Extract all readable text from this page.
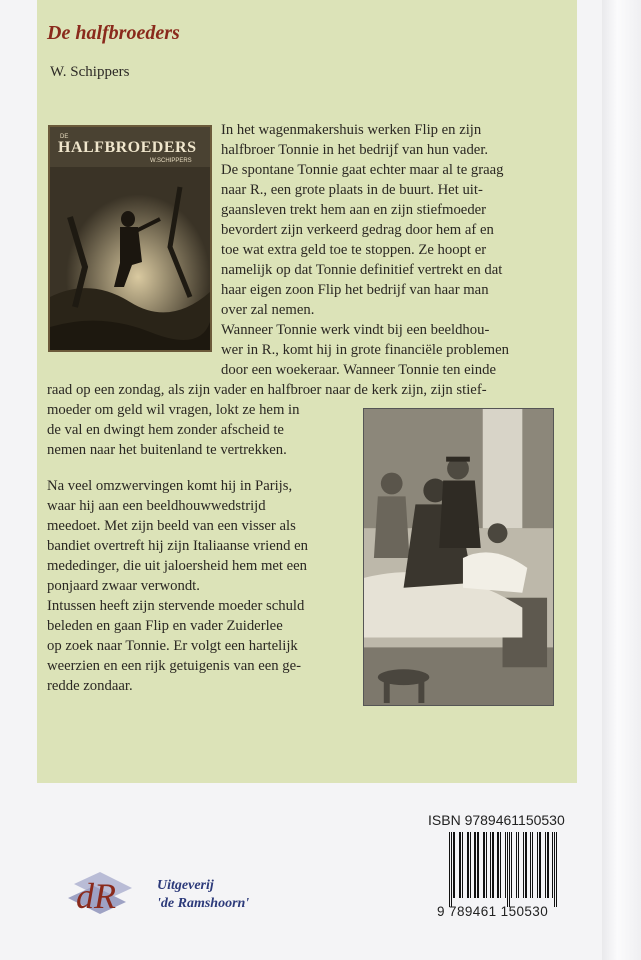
De halfbroeders
W. Schippers
DE
HALFBROEDERS
W.SCHIPPERS
In het wagenmakershuis werken Flip en zijn
halfbroer Tonnie in het bedrijf van hun vader.
De spontane Tonnie gaat echter maar al te graag
naar R., een grote plaats in de buurt. Het uit-
gaansleven trekt hem aan en zijn stiefmoeder
bevordert zijn verkeerd gedrag door hem af en
toe wat extra geld toe te stoppen. Ze hoopt er
namelijk op dat Tonnie definitief vertrekt en dat
haar eigen zoon Flip het bedrijf van haar man
over zal nemen.
Wanneer Tonnie werk vindt bij een beeldhou-
wer in R., komt hij in grote financiële problemen
door een woekeraar. Wanneer Tonnie ten einde
raad op een zondag, als zijn vader en halfbroer naar de kerk zijn, zijn stief-
moeder om geld wil vragen, lokt ze hem in
de val en dwingt hem zonder afscheid te
nemen naar het buitenland te vertrekken.
Na veel omzwervingen komt hij in Parijs,
waar hij aan een beeldhouwwedstrijd
meedoet. Met zijn beeld van een visser als
bandiet overtreft hij zijn Italiaanse vriend en
mededinger, die uit jaloersheid hem met een
ponjaard zwaar verwondt.
Intussen heeft zijn stervende moeder schuld
beleden en gaan Flip en vader Zuiderlee
op zoek naar Tonnie. Er volgt een hartelijk
weerzien en een rijk getuigenis van een ge-
redde zondaar.
dR	Uitgeverij
'de Ramshoorn'
ISBN 9789461150530
9 789461 150530
